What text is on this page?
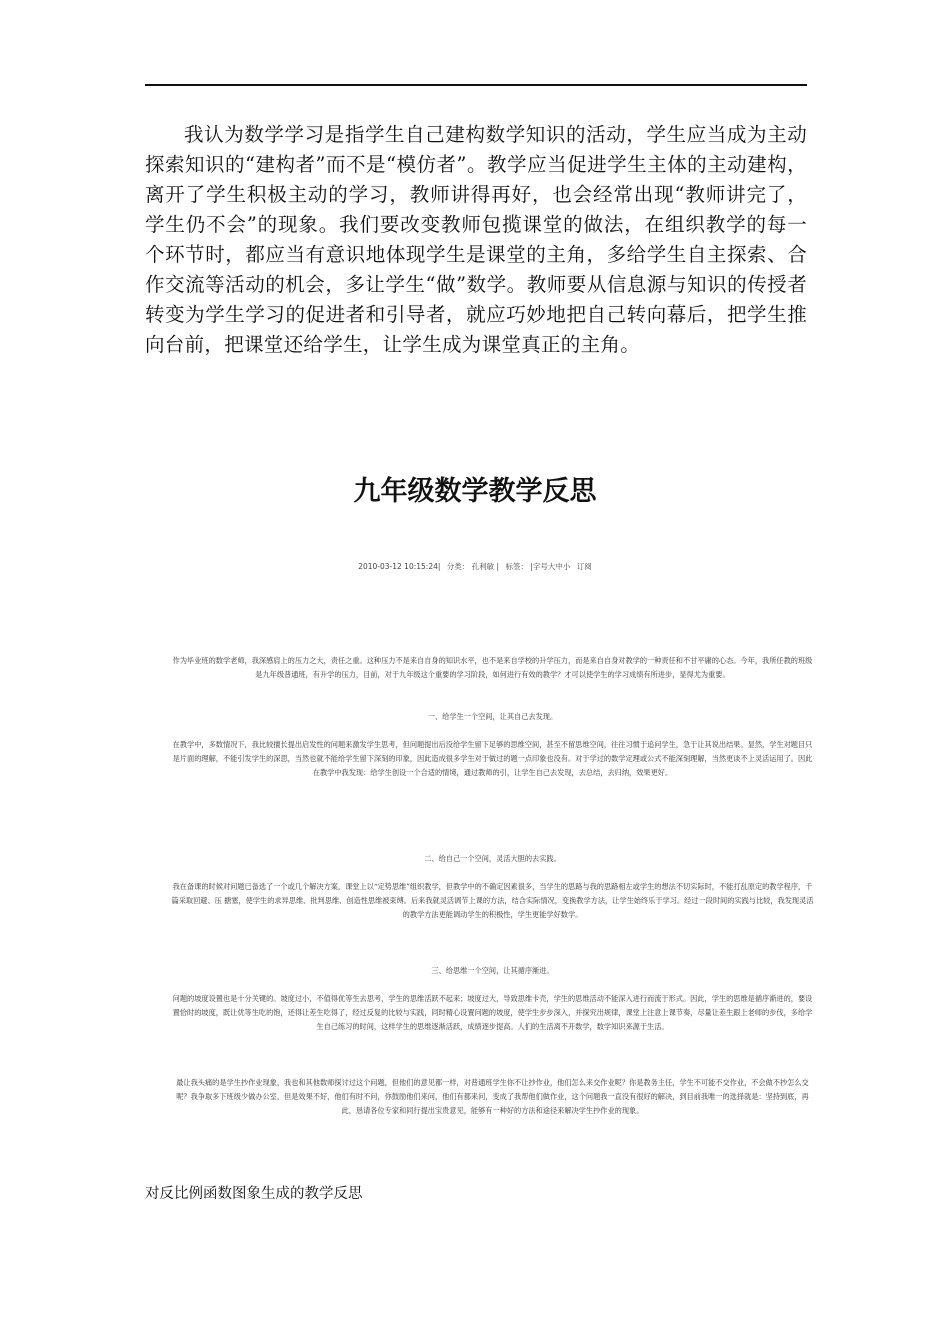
我认为数学学习是指学生自己建构数学知识的活动，学生应当成为主动探索知识的“建构者”而不是“模仿者”。教学应当促进学生主体的主动建构，离开了学生积极主动的学习，教师讲得再好，也会经常出现“教师讲完了，学生仍不会”的现象。我们要改变教师包揽课堂的做法，在组织教学的每一个环节时，都应当有意识地体现学生是课堂的主角，多给学生自主探索、合作交流等活动的机会，多让学生“做”数学。教师要从信息源与知识的传授者转变为学生学习的促进者和引导者，就应巧妙地把自己转向幕后，把学生推向台前，把课堂还给学生，让学生成为课堂真正的主角。

九年级数学教学反思
2010-03-12 10:15:24| 分类： 孔利敏 | 标签： |字号大中小 订阅

作为毕业班的数学老师，我深感肩上的压力之大，责任之重。这种压力不是来自自身的知识水平，也不是来自学校的升学压力，而是来自自身对教学的一种责任和不甘平庸的心态。今年，我所任教的班级是九年级普通班，有升学的压力，目前，对于九年级这个重要的学习阶段，如何进行有效的教学？才可以使学生的学习成绩有所进步，显得尤为重要。

一、给学生一个空间，让其自己去发现。

在教学中，多数情况下，我比较擅长提出启发性的问题来激发学生思考，但问题提出后没给学生留下足够的思维空间，甚至不留思维空间，往往习惯于追问学生，急于让其说出结果。显然，学生对题目只是片面的理解，不能引发学生的深思，当然也就不能给学生留下深刻的印象，因此造成很多学生对于做过的题一点印象也没有。对于学过的数学定理或公式不能深刻理解，当然更谈不上灵活运用了。因此在教学中我发现：给学生创设一个合适的情境，通过教师的引，让学生自己去发现，去总结，去归纳，效果更好。

二、给自己一个空间，灵活大胆的去实践。

我在备课的时候对问题已备选了一个或几个解决方案，课堂上以“定势思维”组织教学，但教学中的不确定因素很多，当学生的思路与我的思路相左或学生的想法不切实际时，不能打乱原定的教学程序，千篇采取回避、压 搪塞，使学生的求异思维、批判思维、创造性思维被束缚。后来我就灵活调节上课的方法，结合实际情况，变换教学方法，让学生始终乐于学习。经过一段时间的实践与比较，我发现灵活的教学方法更能调动学生的积极性，学生更能学好数学。

三、给思维一个空间，让其循序渐进。

问题的坡度设置也是十分关键的。坡度过小，不值得优等生去思考，学生的思维活跃不起来；坡度过大，导致思维卡壳，学生的思维活动不能深入进行而流于形式。因此，学生的思维是循序渐进的，要设置恰时的坡度，既让优等生吃的饱，还得让差生吃得了，经过反复的比较与实践，同时精心设置问题的坡度，使学生步步深入，并探究出规律，课堂上注意上课节奏，尽量让差生跟上老师的步伐，多给学生自己练习的时间，这样学生的思维逐渐活跃，成绩逐步提高。人们的生活离不开数学，数学知识来源于生活。

最让我头痛的是学生抄作业现象，我也和其他数师探讨过这个问题，但他们的意见都一样，对普通班学生你不让抄作业，他们怎么来交作业呢？你是教务主任，学生不可能不交作业，不会做不抄怎么交呢？我争取多下班级少做办公室，但是效果不好，他们有时不问，你鼓励他们来问，他们有都来问，变成了我帮他们做作业，这个问题我一直没有很好的解决，到目前我唯一的选择就是：坚持到底，再此，恳请各位专家和同行提出宝贵意见，能够有一种好的方法和途径来解决学生抄作业的现象。

对反比例函数图象生成的教学反思
